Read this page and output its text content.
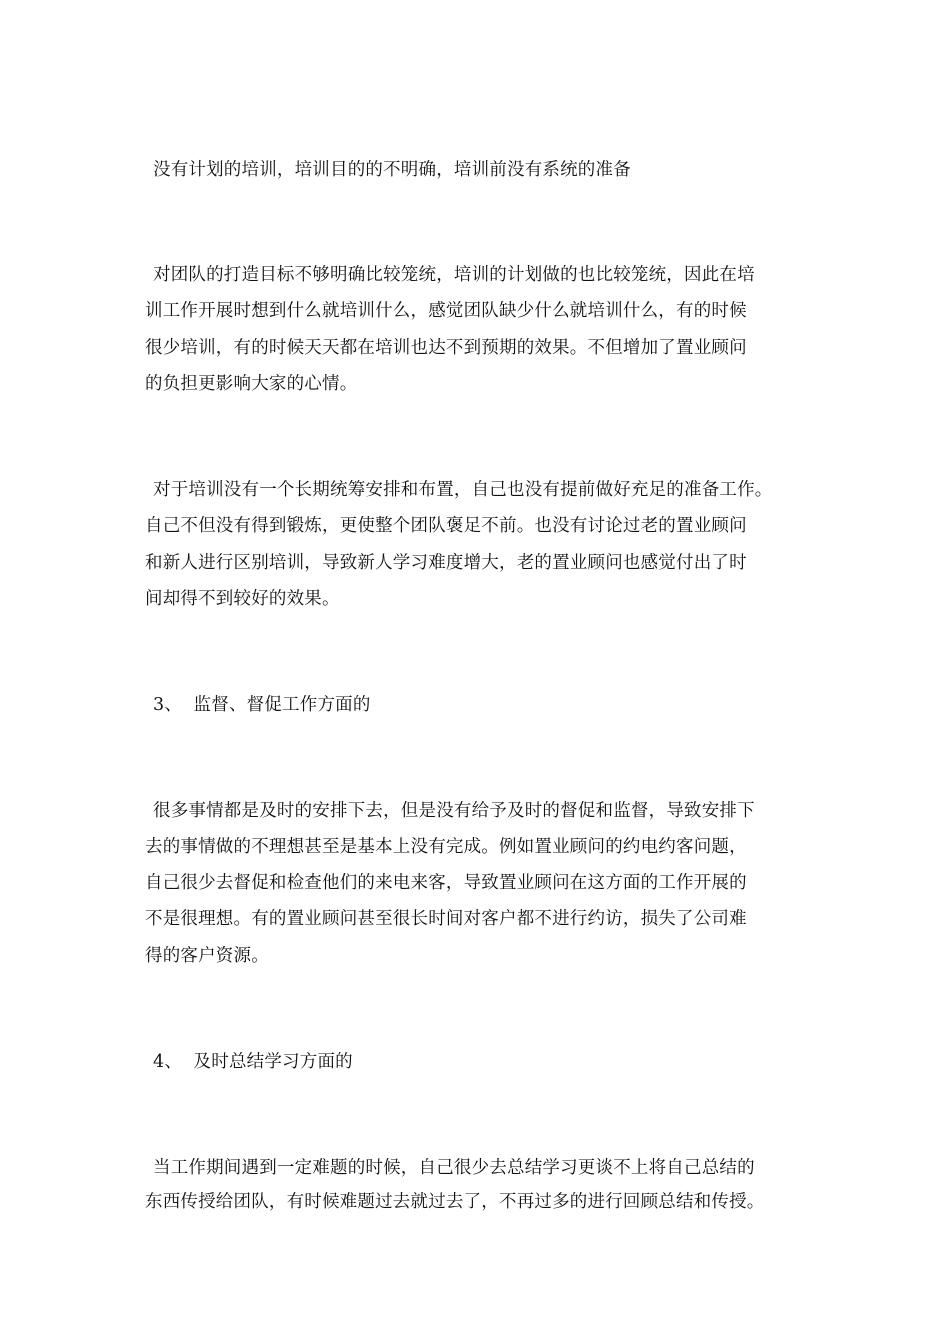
没有计划的培训，培训目的的不明确，培训前没有系统的准备
对团队的打造目标不够明确比较笼统，培训的计划做的也比较笼统，因此在培
训工作开展时想到什么就培训什么，感觉团队缺少什么就培训什么，有的时候
很少培训，有的时候天天都在培训也达不到预期的效果。不但增加了置业顾问
的负担更影响大家的心情。
对于培训没有一个长期统筹安排和布置，自己也没有提前做好充足的准备工作。
自己不但没有得到锻炼，更使整个团队褒足不前。也没有讨论过老的置业顾问
和新人进行区别培训，导致新人学习难度增大，老的置业顾问也感觉付出了时
间却得不到较好的效果。
3、  监督、督促工作方面的
很多事情都是及时的安排下去，但是没有给予及时的督促和监督，导致安排下
去的事情做的不理想甚至是基本上没有完成。例如置业顾问的约电约客问题，
自己很少去督促和检查他们的来电来客，导致置业顾问在这方面的工作开展的
不是很理想。有的置业顾问甚至很长时间对客户都不进行约访，损失了公司难
得的客户资源。
4、  及时总结学习方面的
当工作期间遇到一定难题的时候，自己很少去总结学习更谈不上将自己总结的
东西传授给团队，有时候难题过去就过去了，不再过多的进行回顾总结和传授。
